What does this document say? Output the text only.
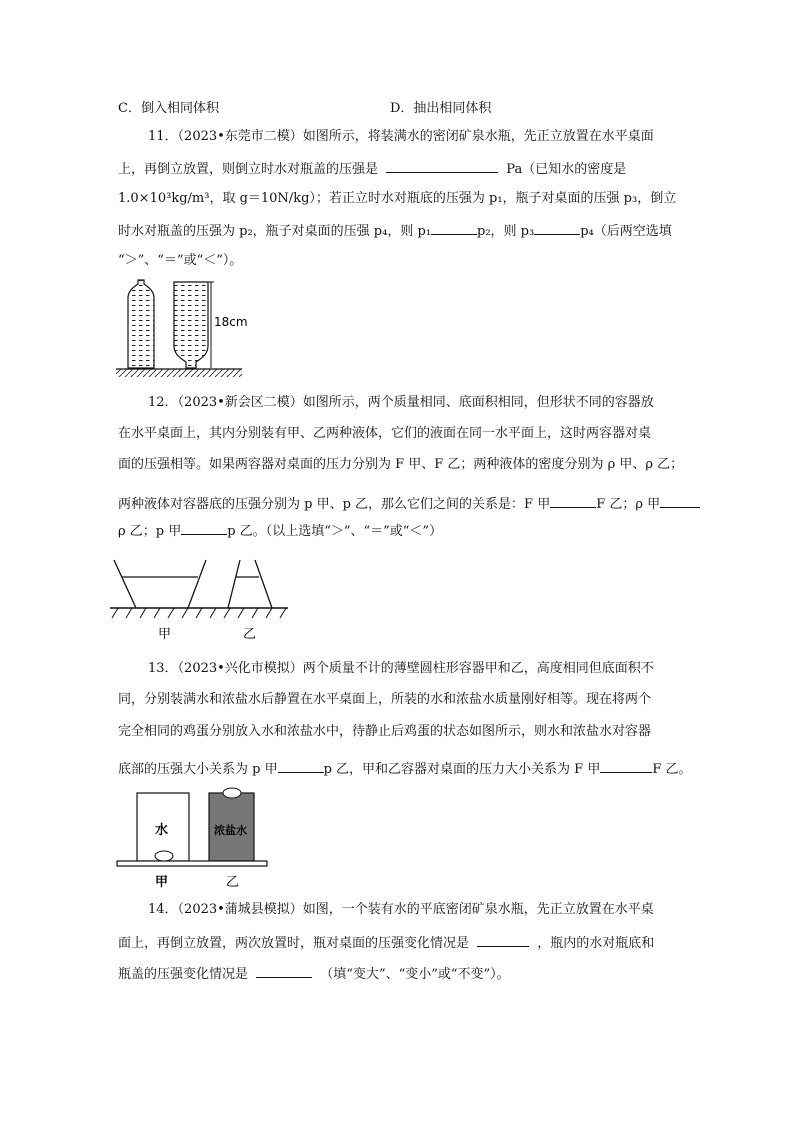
C．倒入相同体积	D．抽出相同体积
11．（2023•东莞市二模）如图所示，将装满水的密闭矿泉水瓶，先正立放置在水平桌面
上，再倒立放置，则倒立时水对瓶盖的压强是	Pa（已知水的密度是
1.0×10³kg/m³，取 g＝10N/kg）；若正立时水对瓶底的压强为 p₁，瓶子对桌面的压强 p₃，倒立
时水对瓶盖的压强为 p₂，瓶子对桌面的压强 p₄，则 p₁	p₂，则 p₃	p₄（后两空选填
“＞”、“＝”或“＜”）。
18cm
12．（2023•新会区二模）如图所示，两个质量相同、底面积相同，但形状不同的容器放
在水平桌面上，其内分别装有甲、乙两种液体，它们的液面在同一水平面上，这时两容器对桌
面的压强相等。如果两容器对桌面的压力分别为 F 甲、F 乙；两种液体的密度分别为 ρ 甲、ρ 乙；
两种液体对容器底的压强分别为 p 甲、p 乙，那么它们之间的关系是：F 甲	F 乙；ρ 甲
ρ 乙；p 甲	p 乙。（以上选填“＞”、“＝”或“＜”）
甲	乙
13．（2023•兴化市模拟）两个质量不计的薄壁圆柱形容器甲和乙，高度相同但底面积不
同，分别装满水和浓盐水后静置在水平桌面上，所装的水和浓盐水质量刚好相等。现在将两个
完全相同的鸡蛋分别放入水和浓盐水中，待静止后鸡蛋的状态如图所示，则水和浓盐水对容器
底部的压强大小关系为 p 甲	p 乙，甲和乙容器对桌面的压力大小关系为 F 甲	F 乙。
水	浓盐水
甲	乙
14．（2023•蒲城县模拟）如图，一个装有水的平底密闭矿泉水瓶，先正立放置在水平桌
面上，再倒立放置，两次放置时，瓶对桌面的压强变化情况是	，瓶内的水对瓶底和
瓶盖的压强变化情况是	（填“变大”、“变小”或“不变”）。
